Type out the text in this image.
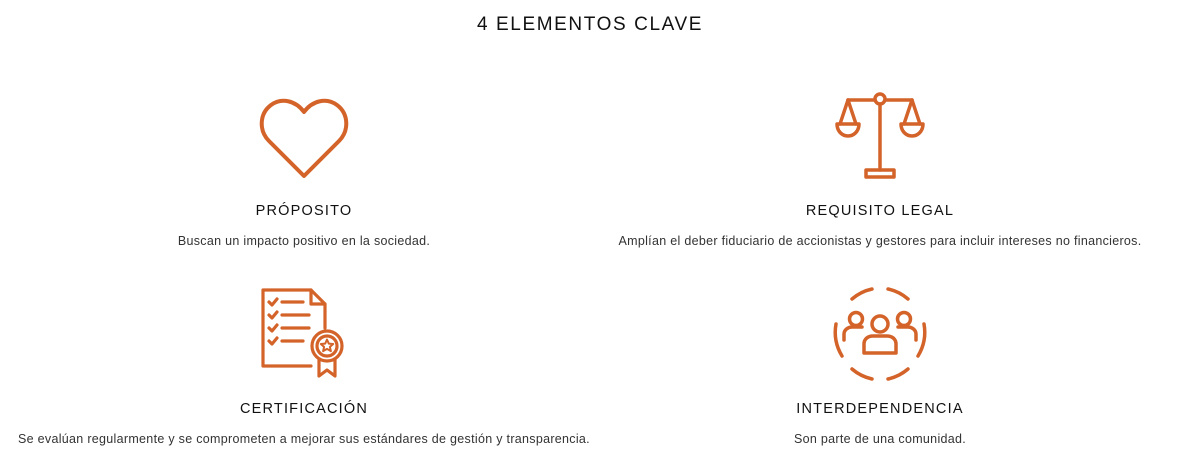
4 ELEMENTOS CLAVE
PRÓPOSITO
Buscan un impacto positivo en la sociedad.
REQUISITO LEGAL
Amplían el deber fiduciario de accionistas y gestores para incluir intereses no financieros.
CERTIFICACIÓN
Se evalúan regularmente y se comprometen a mejorar sus estándares de gestión y transparencia.
INTERDEPENDENCIA
Son parte de una comunidad.
